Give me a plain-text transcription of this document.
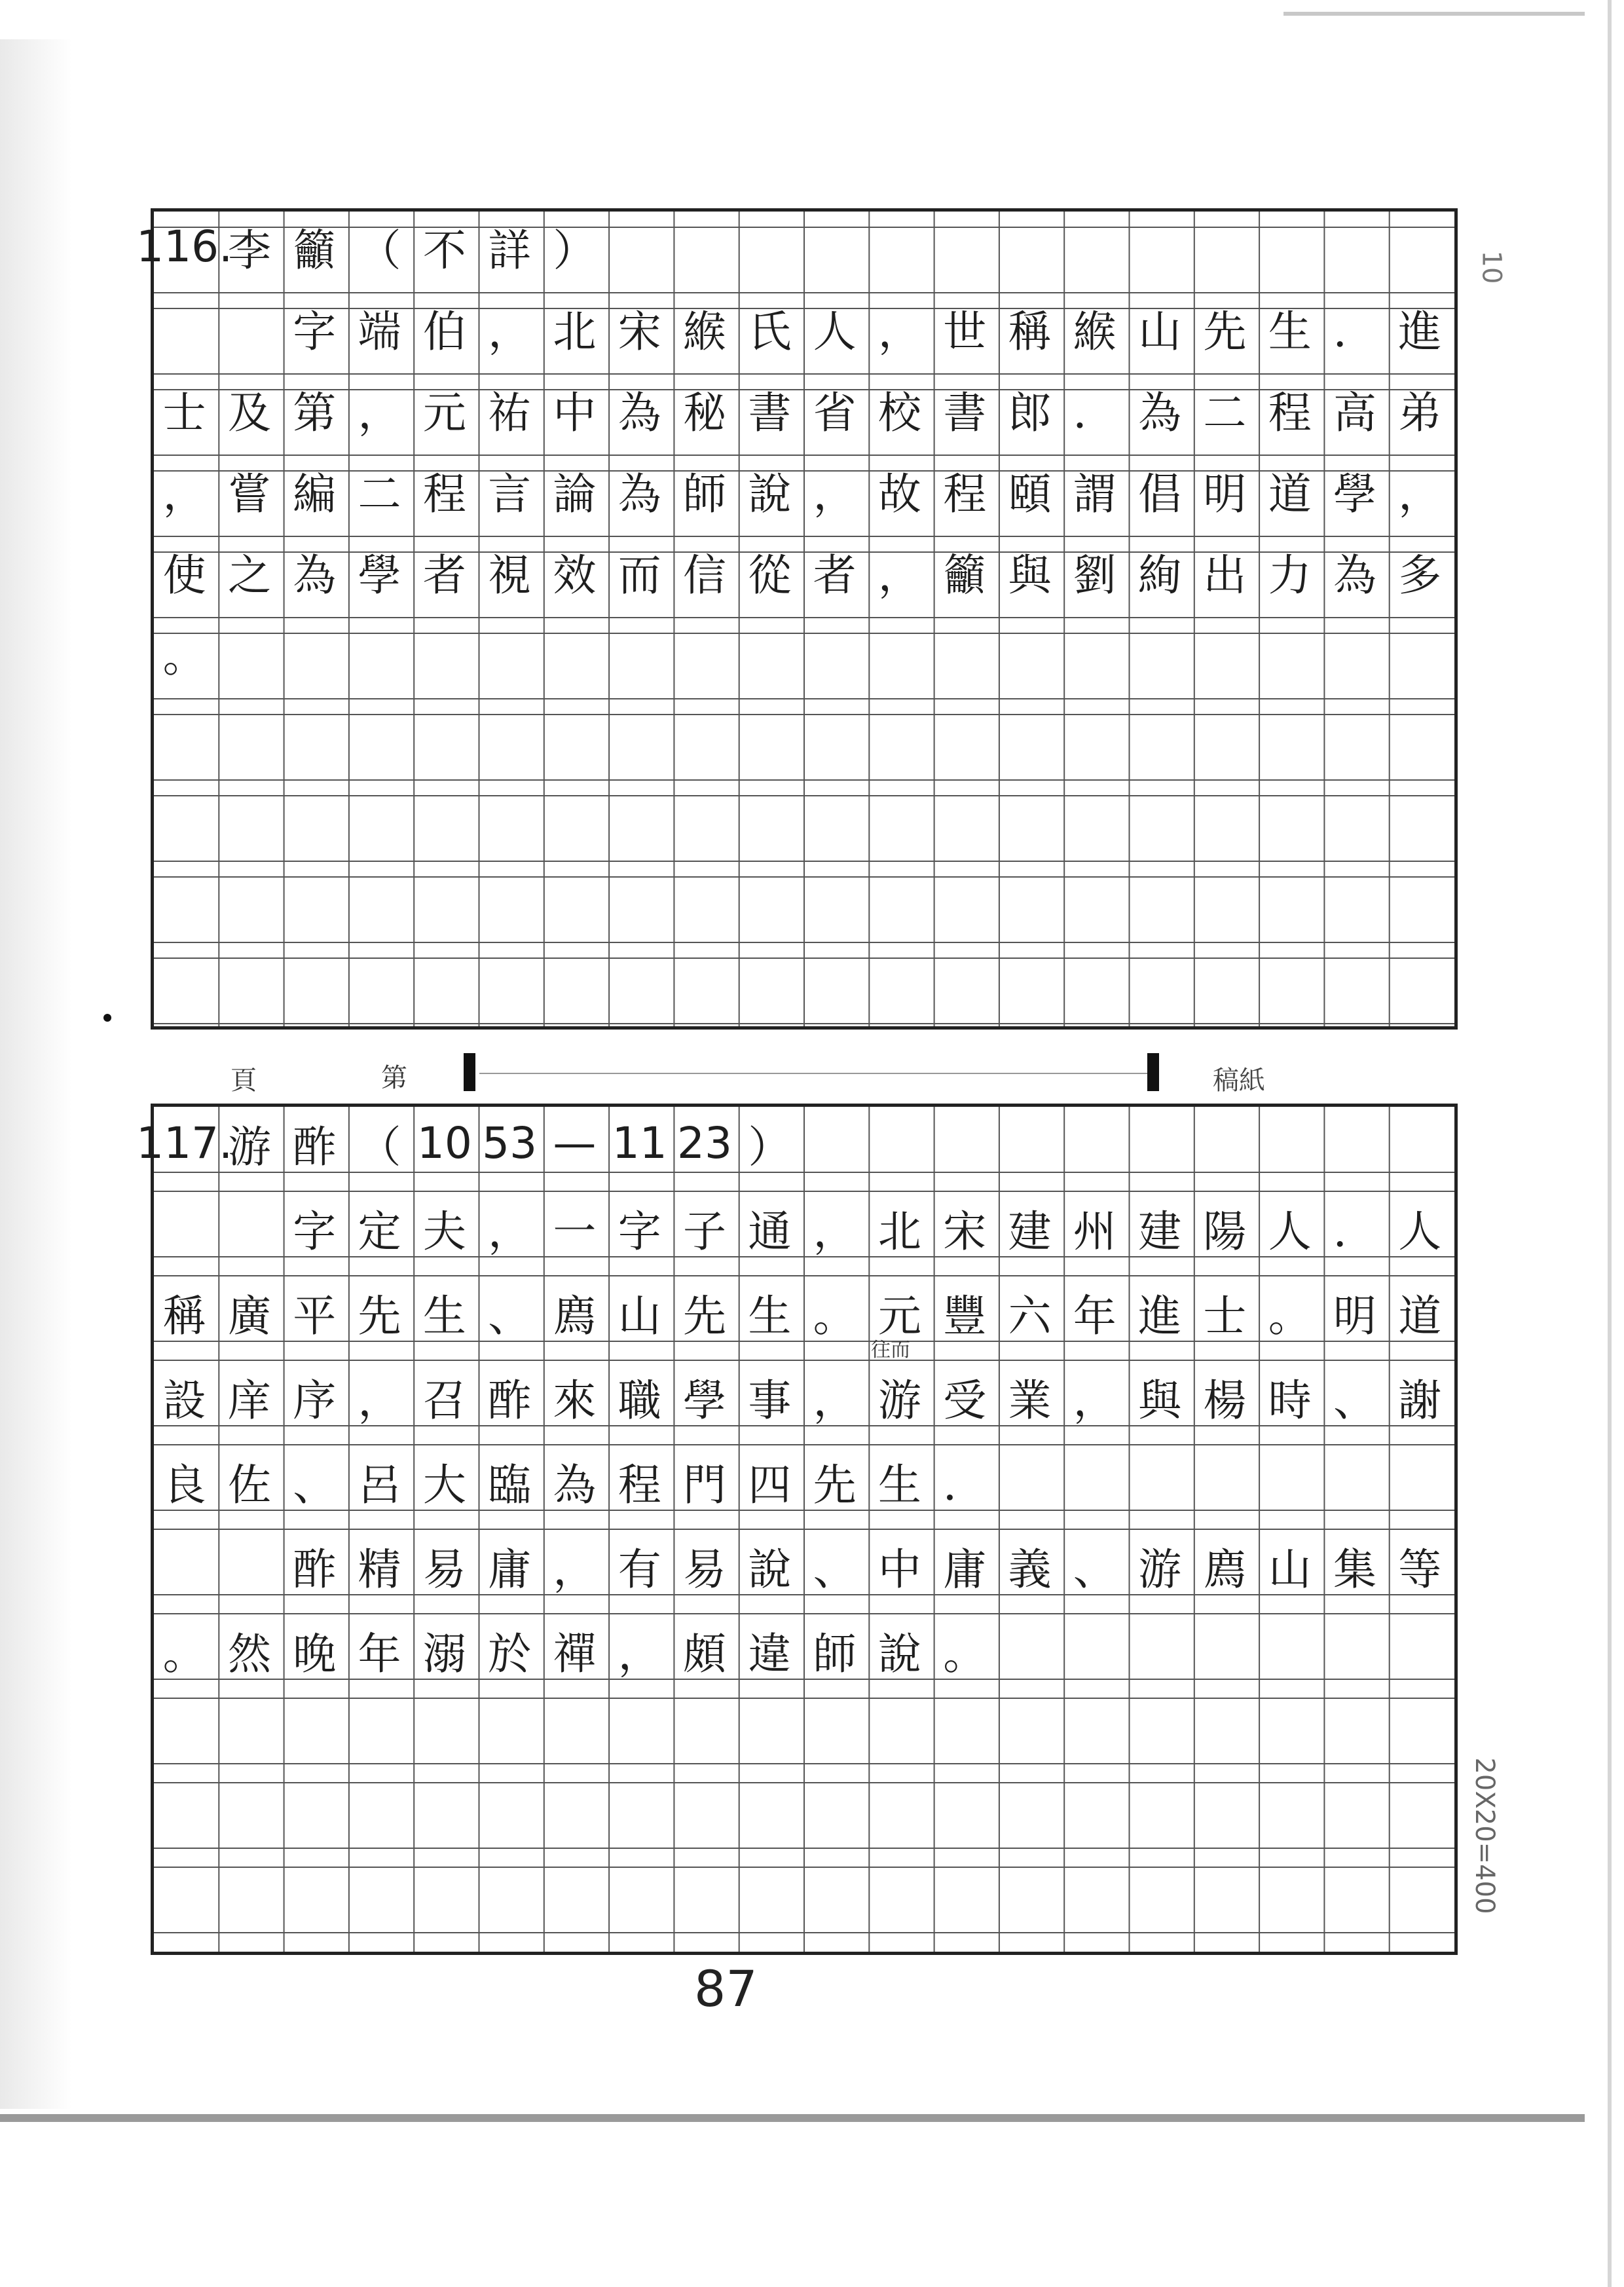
頁	第	稿紙
116.
李 籲 （ 不 詳 ）
字 端 伯 ， 北 宋 緱 氏 人 ， 世 稱 緱 山 先 生 ． 進
士 及 第 ， 元 祐 中 為 秘 書 省 校 書 郎 ． 為 二 程 高 弟
， 嘗 編 二 程 言 論 為 師 說 ， 故 程 頤 謂 倡 明 道 學 ，
使 之 為 學 者 視 效 而 信 從 者 ， 籲 與 劉 絢 出 力 為 多
。
117.
游 酢 （ 10 53 — 11 23 ）
字 定 夫 ， 一 字 子 通 ， 北 宋 建 州 建 陽 人 ． 人
稱 廣 平 先 生 、 廌 山 先 生 。 元 豐 六 年 進 士 。 明 道
設 庠 序 ， 召 酢 來 職 學 事 ， 游 受 業 ， 與 楊 時 、 謝
良 佐 、 呂 大 臨 為 程 門 四 先 生 ．
酢 精 易 庸 ， 有 易 說 、 中 庸 義 、 游 廌 山 集 等
。 然 晚 年 溺 於 禪 ， 頗 違 師 說 。
往而
10
20X20=400
87
